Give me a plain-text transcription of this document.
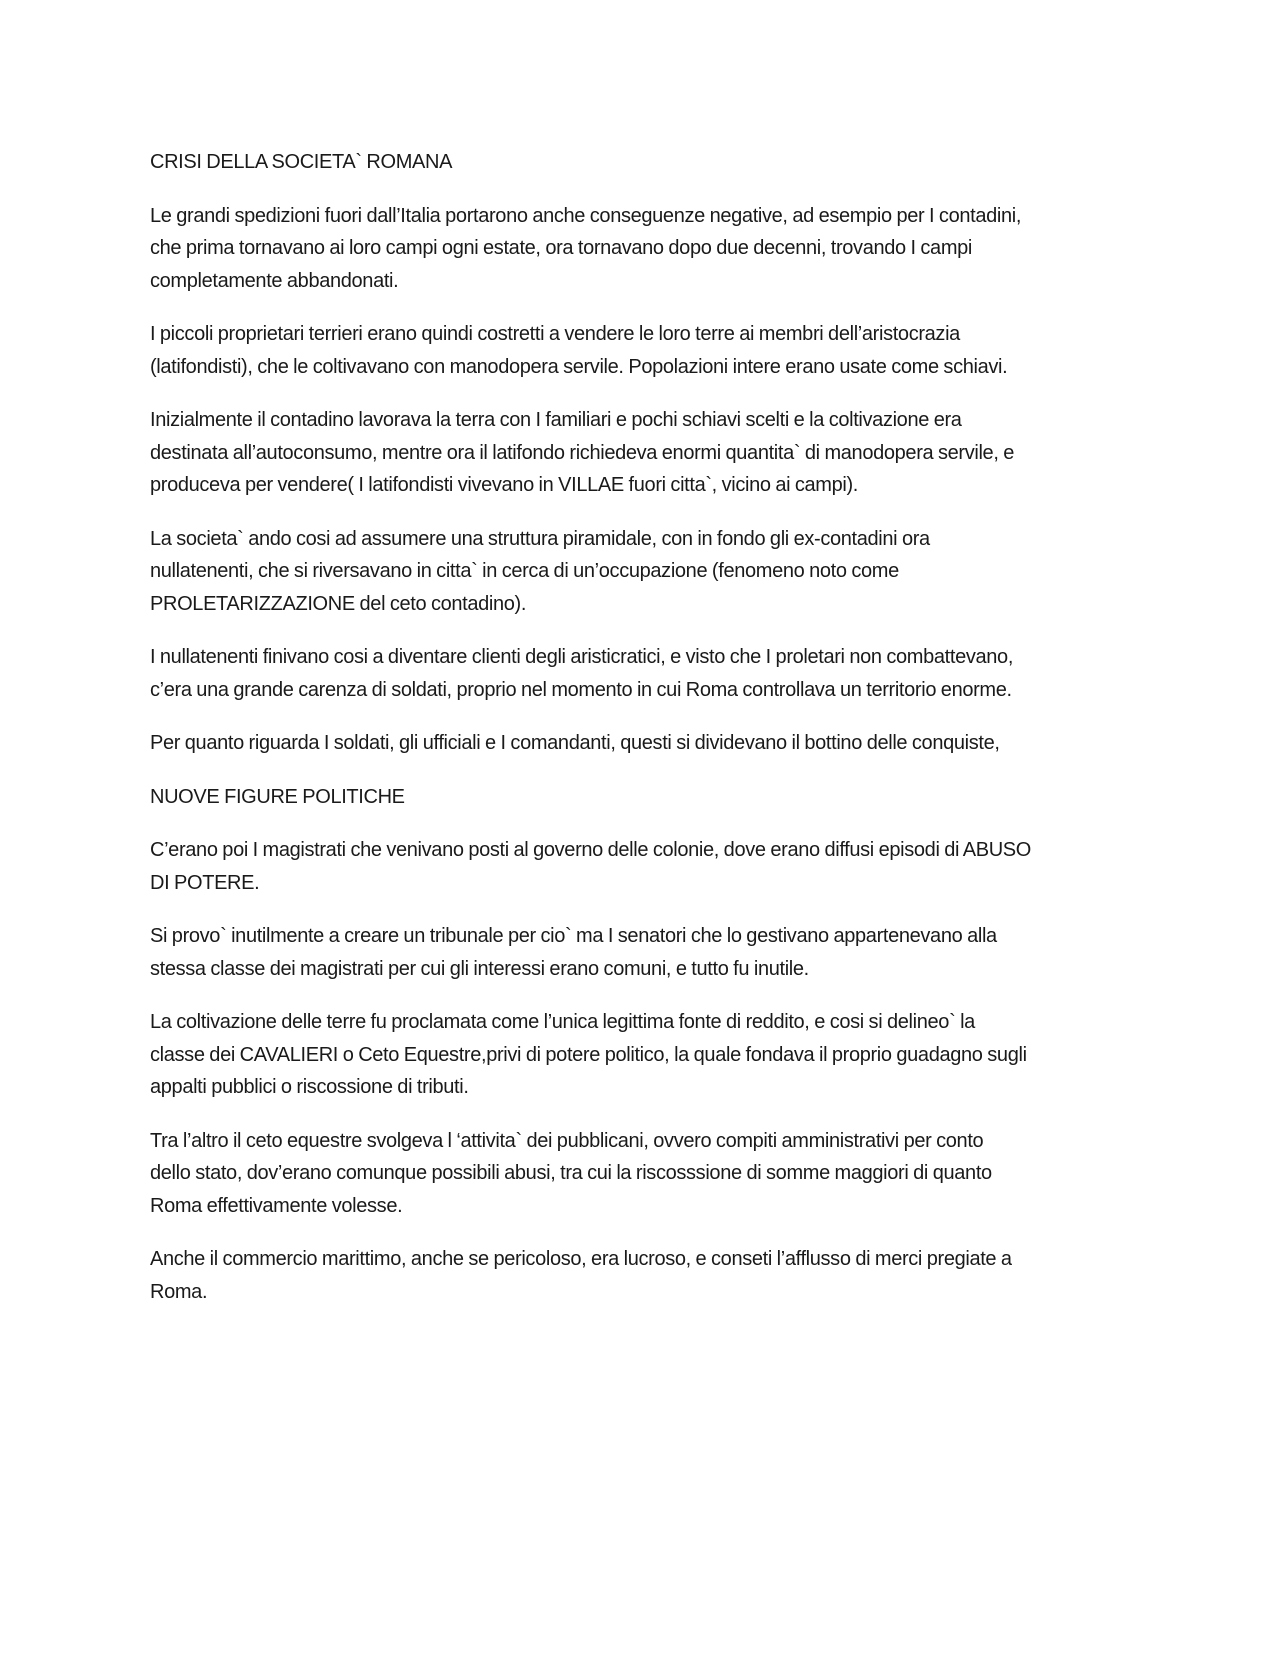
CRISI DELLA SOCIETA` ROMANA

Le grandi spedizioni fuori dall’Italia portarono anche conseguenze negative, ad esempio per I contadini,
che prima tornavano ai loro campi ogni estate, ora tornavano dopo due decenni, trovando I campi
completamente abbandonati.

I piccoli proprietari terrieri erano quindi costretti a vendere le loro terre ai membri dell’aristocrazia
(latifondisti), che le coltivavano con manodopera servile. Popolazioni intere erano usate come schiavi.

Inizialmente il contadino lavorava la terra con I familiari e pochi schiavi scelti e la coltivazione era
destinata all’autoconsumo, mentre ora il latifondo richiedeva enormi quantita` di manodopera servile, e
produceva per vendere( I latifondisti vivevano in VILLAE fuori citta`, vicino ai campi).

La societa` ando cosi ad assumere una struttura piramidale, con in fondo gli ex-contadini ora
nullatenenti, che si riversavano in citta` in cerca di un’occupazione (fenomeno noto come
PROLETARIZZAZIONE del ceto contadino).

I nullatenenti finivano cosi a diventare clienti degli aristicratici, e visto che I proletari non combattevano,
c’era una grande carenza di soldati, proprio nel momento in cui Roma controllava un territorio enorme.

Per quanto riguarda I soldati, gli ufficiali e I comandanti, questi si dividevano il bottino delle conquiste,

NUOVE FIGURE POLITICHE

C’erano poi I magistrati che venivano posti al governo delle colonie, dove erano diffusi episodi di ABUSO
DI POTERE.

Si provo` inutilmente a creare un tribunale per cio` ma I senatori che lo gestivano appartenevano alla
stessa classe dei magistrati per cui gli interessi erano comuni, e tutto fu inutile.

La coltivazione delle terre fu proclamata come l’unica legittima fonte di reddito, e cosi si delineo` la
classe dei CAVALIERI o Ceto Equestre,privi di potere politico, la quale fondava il proprio guadagno sugli
appalti pubblici o riscossione di tributi.

Tra l’altro il ceto equestre svolgeva l ‘attivita` dei pubblicani, ovvero compiti amministrativi per conto
dello stato, dov’erano comunque possibili abusi, tra cui la riscosssione di somme maggiori di quanto
Roma effettivamente volesse.

Anche il commercio marittimo, anche se pericoloso, era lucroso, e conseti l’afflusso di merci pregiate a
Roma.
